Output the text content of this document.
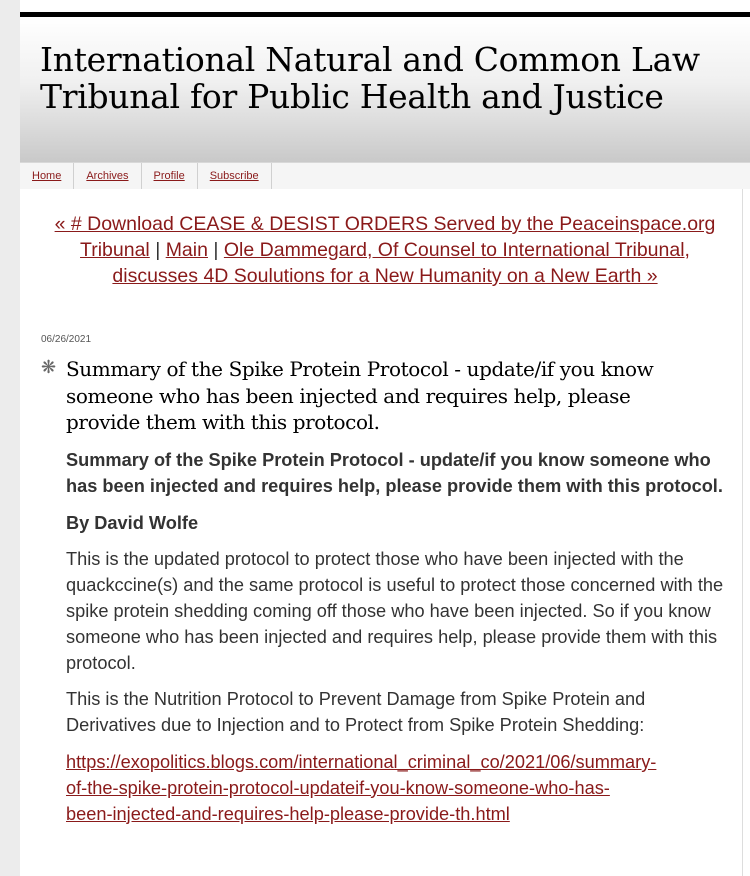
International Natural and Common Law Tribunal for Public Health and Justice
Home	Archives	Profile	Subscribe
« # Download CEASE & DESIST ORDERS Served by the Peaceinspace.org Tribunal | Main | Ole Dammegard, Of Counsel to International Tribunal, discusses 4D Soulutions for a New Humanity on a New Earth »
06/26/2021
❋ Summary of the Spike Protein Protocol - update/if you know someone who has been injected and requires help, please provide them with this protocol.

Summary of the Spike Protein Protocol - update/if you know someone who has been injected and requires help, please provide them with this protocol.

By David Wolfe

This is the updated protocol to protect those who have been injected with the quackccine(s) and the same protocol is useful to protect those concerned with the spike protein shedding coming off those who have been injected. So if you know someone who has been injected and requires help, please provide them with this protocol.

This is the Nutrition Protocol to Prevent Damage from Spike Protein and Derivatives due to Injection and to Protect from Spike Protein Shedding:

https://exopolitics.blogs.com/international_criminal_co/2021/06/summary-
of-the-spike-protein-protocol-updateif-you-know-someone-who-has-
been-injected-and-requires-help-please-provide-th.html
